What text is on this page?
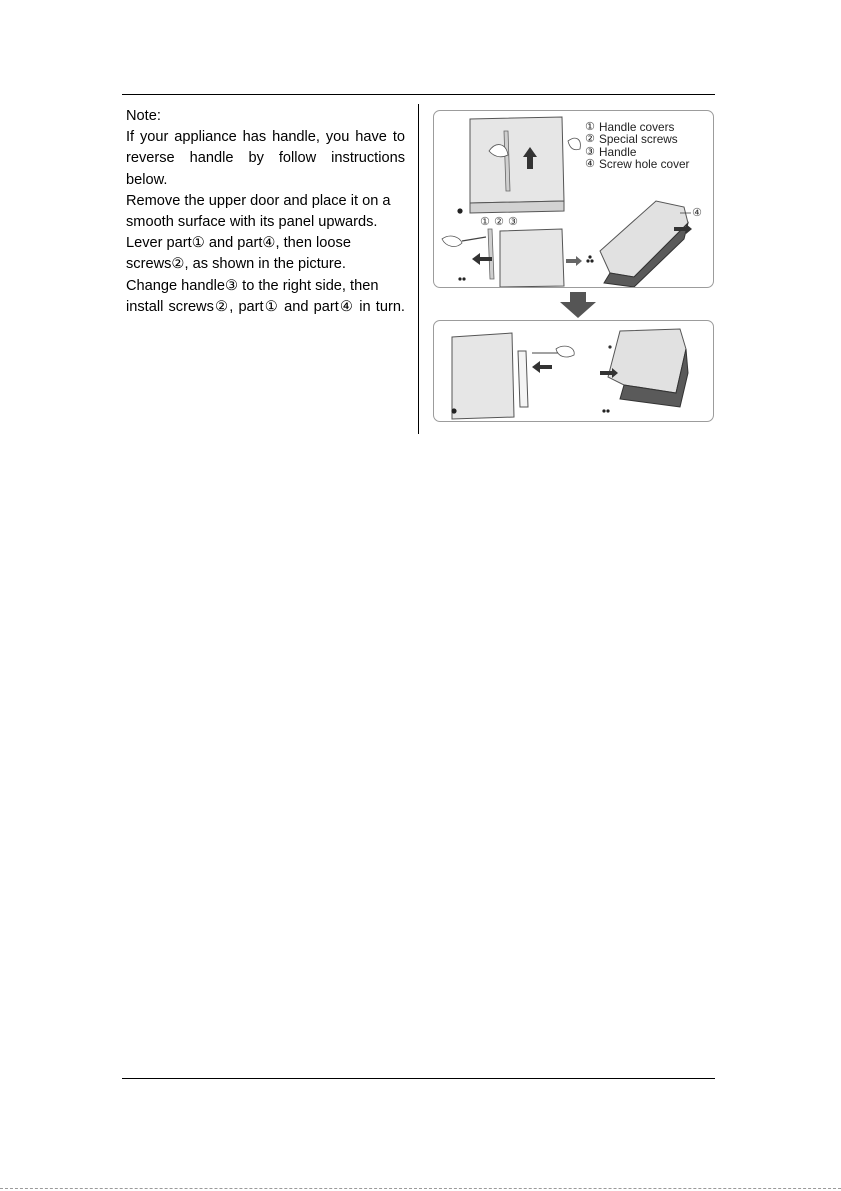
Note:

If your appliance has handle, you have to reverse handle by follow instructions below.

Remove the upper door and place it on a

smooth surface with its panel upwards.

Lever part① and part④, then loose

screws②, as shown in the picture.

Change handle③ to the right side, then

install screws②, part① and part④ in turn.

① ② ③
④
① Handle covers
② Special screws
③ Handle
④ Screw hole cover
